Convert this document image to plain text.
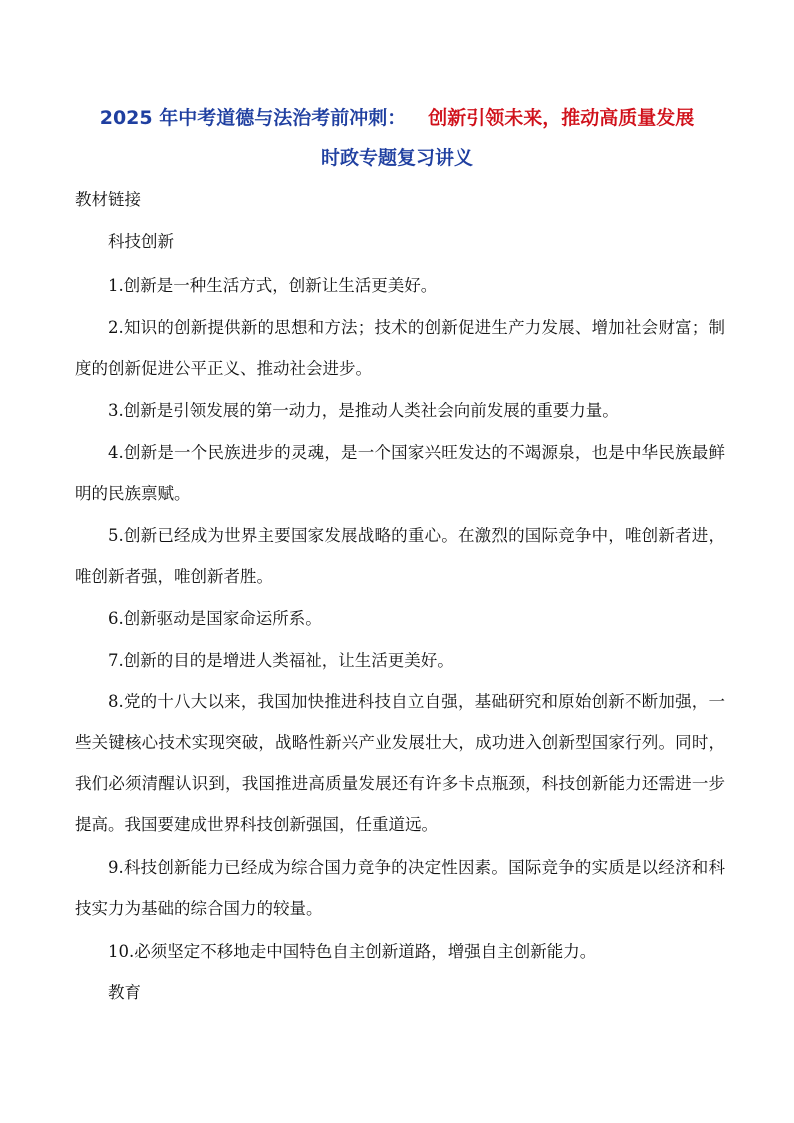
2025 年中考道德与法治考前冲刺： 创新引领未来，推动高质量发展
时政专题复习讲义
教材链接
科技创新

1.创新是一种生活方式，创新让生活更美好。

2.知识的创新提供新的思想和方法；技术的创新促进生产力发展、增加社会财富；制度的创新促进公平正义、推动社会进步。

3.创新是引领发展的第一动力，是推动人类社会向前发展的重要力量。

4.创新是一个民族进步的灵魂，是一个国家兴旺发达的不竭源泉，也是中华民族最鲜明的民族禀赋。

5.创新已经成为世界主要国家发展战略的重心。在激烈的国际竞争中，唯创新者进，唯创新者强，唯创新者胜。

6.创新驱动是国家命运所系。

7.创新的目的是增进人类福祉，让生活更美好。

8.党的十八大以来，我国加快推进科技自立自强，基础研究和原始创新不断加强，一些关键核心技术实现突破，战略性新兴产业发展壮大，成功进入创新型国家行列。同时，我们必须清醒认识到，我国推进高质量发展还有许多卡点瓶颈，科技创新能力还需进一步提高。我国要建成世界科技创新强国，任重道远。

9.科技创新能力已经成为综合国力竞争的决定性因素。国际竞争的实质是以经济和科技实力为基础的综合国力的较量。

10.必须坚定不移地走中国特色自主创新道路，增强自主创新能力。

教育
